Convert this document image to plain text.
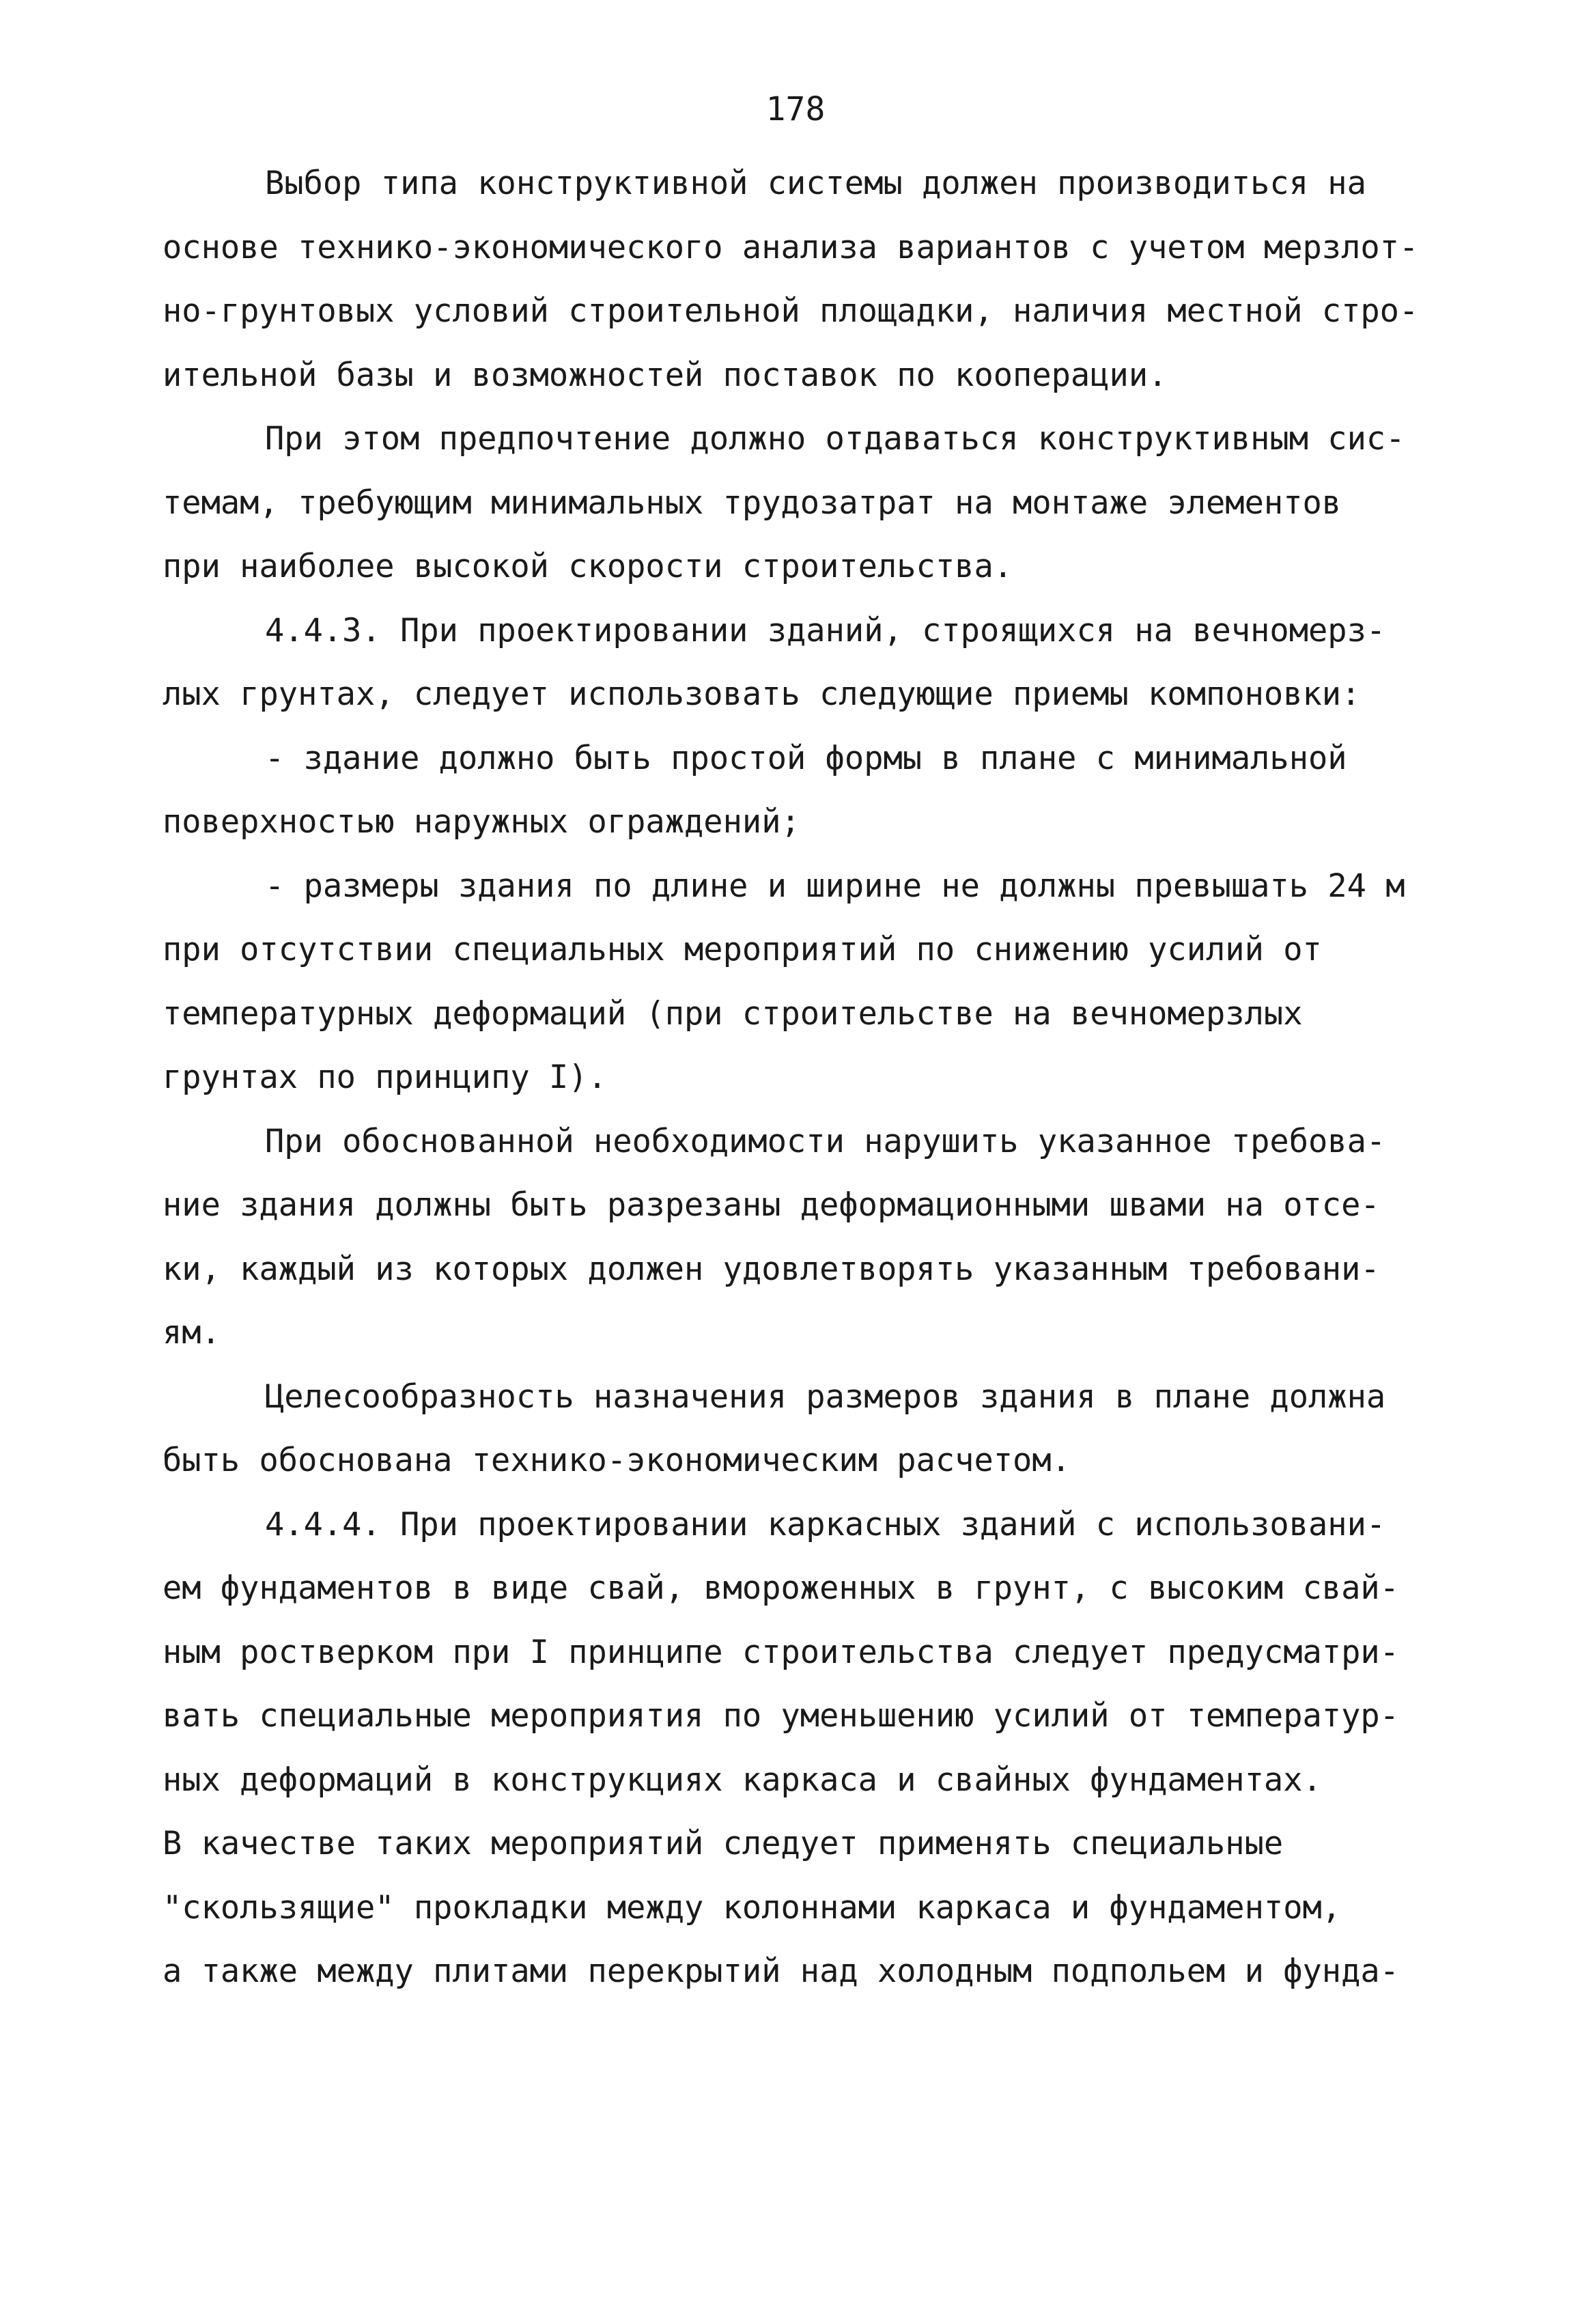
178
Выбор типа конструктивной системы должен производиться на
основе технико-экономического анализа вариантов с учетом мерзлот-
но-грунтовых условий строительной площадки, наличия местной стро-
ительной базы и возможностей поставок по кооперации.
При этом предпочтение должно отдаваться конструктивным сис-
темам, требующим минимальных трудозатрат на монтаже элементов
при наиболее высокой скорости строительства.
4.4.3. При проектировании зданий, строящихся на вечномерз-
лых грунтах, следует использовать следующие приемы компоновки:
- здание должно быть простой формы в плане с минимальной
поверхностью наружных ограждений;
- размеры здания по длине и ширине не должны превышать 24 м
при отсутствии специальных мероприятий по снижению усилий от
температурных деформаций (при строительстве на вечномерзлых
грунтах по принципу I).
При обоснованной необходимости нарушить указанное требова-
ние здания должны быть разрезаны деформационными швами на отсе-
ки, каждый из которых должен удовлетворять указанным требовани-
ям.
Целесообразность назначения размеров здания в плане должна
быть обоснована технико-экономическим расчетом.
4.4.4. При проектировании каркасных зданий с использовани-
ем фундаментов в виде свай, вмороженных в грунт, с высоким свай-
ным ростверком при I принципе строительства следует предусматри-
вать специальные мероприятия по уменьшению усилий от температур-
ных деформаций в конструкциях каркаса и свайных фундаментах.
В качестве таких мероприятий следует применять специальные
"скользящие" прокладки между колоннами каркаса и фундаментом,
а также между плитами перекрытий над холодным подпольем и фунда-
